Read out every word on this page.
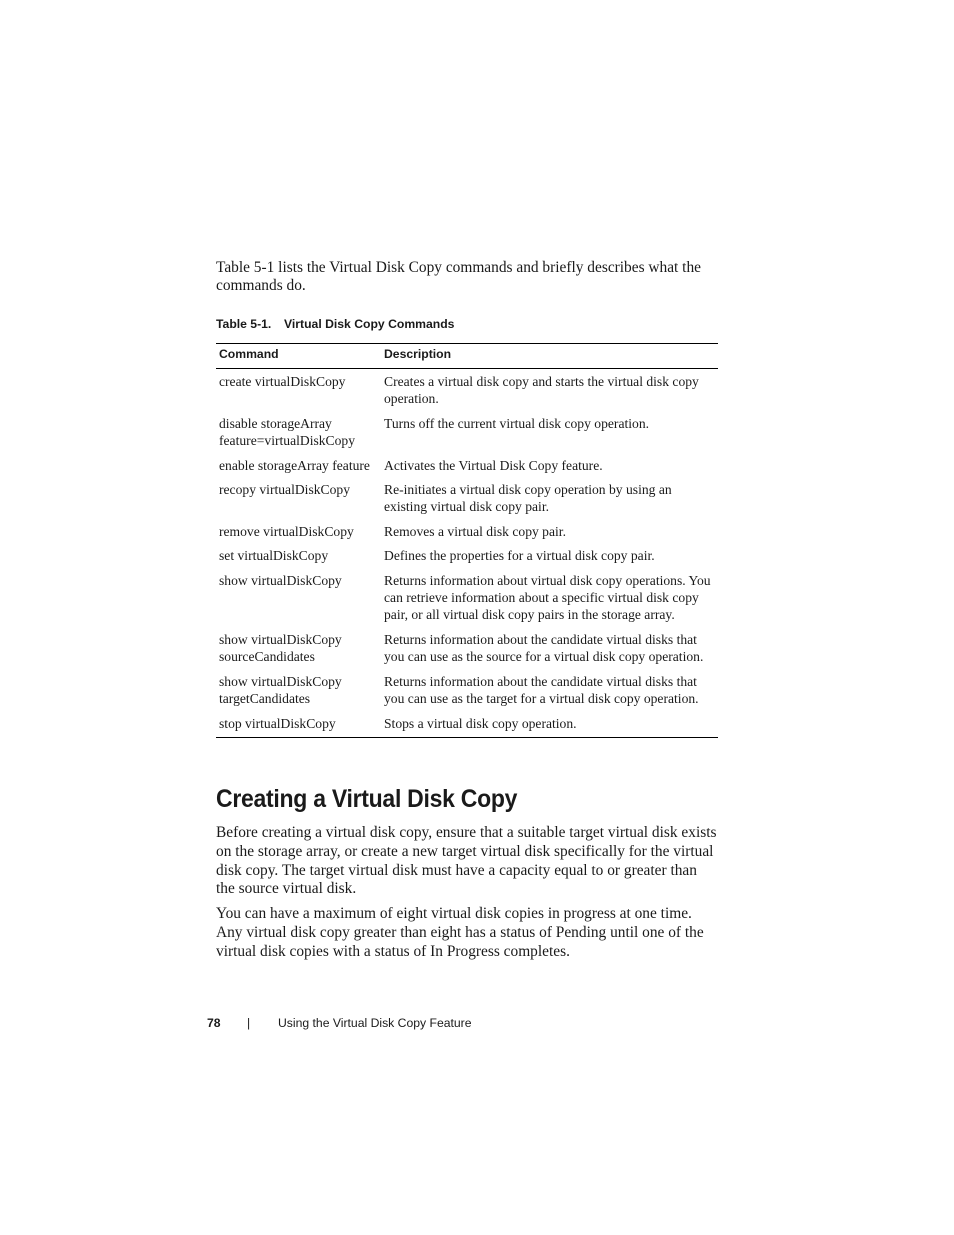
Table 5-1 lists the Virtual Disk Copy commands and briefly describes what the commands do.

Table 5-1. Virtual Disk Copy Commands

Command	Description
create virtualDiskCopy	Creates a virtual disk copy and starts the virtual disk copy operation.
disable storageArray feature=virtualDiskCopy	Turns off the current virtual disk copy operation.
enable storageArray feature	Activates the Virtual Disk Copy feature.
recopy virtualDiskCopy	Re-initiates a virtual disk copy operation by using an existing virtual disk copy pair.
remove virtualDiskCopy	Removes a virtual disk copy pair.
set virtualDiskCopy	Defines the properties for a virtual disk copy pair.
show virtualDiskCopy	Returns information about virtual disk copy operations. You can retrieve information about a specific virtual disk copy pair, or all virtual disk copy pairs in the storage array.
show virtualDiskCopy sourceCandidates	Returns information about the candidate virtual disks that you can use as the source for a virtual disk copy operation.
show virtualDiskCopy targetCandidates	Returns information about the candidate virtual disks that you can use as the target for a virtual disk copy operation.
stop virtualDiskCopy	Stops a virtual disk copy operation.
Creating a Virtual Disk Copy

Before creating a virtual disk copy, ensure that a suitable target virtual disk exists on the storage array, or create a new target virtual disk specifically for the virtual disk copy. The target virtual disk must have a capacity equal to or greater than the source virtual disk.

You can have a maximum of eight virtual disk copies in progress at one time. Any virtual disk copy greater than eight has a status of Pending until one of the virtual disk copies with a status of In Progress completes.

78 | Using the Virtual Disk Copy Feature
